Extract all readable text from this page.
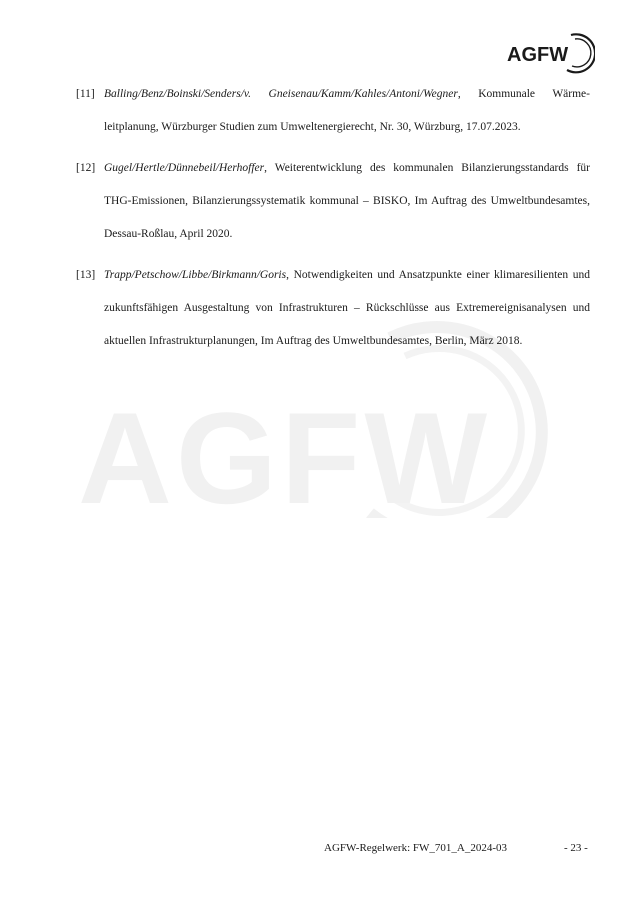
AGFW
AGFW
[11] Balling/Benz/Boinski/Senders/v. Gneisenau/Kamm/Kahles/Antoni/Wegner, Kommunale Wärmeleitplanung, Würzburger Studien zum Umweltenergierecht, Nr. 30, Würzburg, 17.07.2023.
[12] Gugel/Hertle/Dünnebeil/Herhoffer, Weiterentwicklung des kommunalen Bilanzierungsstandards für THG-Emissionen, Bilanzierungssystematik kommunal – BISKO, Im Auftrag des Umweltbundesamtes, Dessau-Roßlau, April 2020.
[13] Trapp/Petschow/Libbe/Birkmann/Goris, Notwendigkeiten und Ansatzpunkte einer klimaresilienten und zukunftsfähigen Ausgestaltung von Infrastrukturen – Rückschlüsse aus Extremereignisanalysen und aktuellen Infrastrukturplanungen, Im Auftrag des Umweltbundesamtes, Berlin, März 2018.
AGFW-Regelwerk: FW_701_A_2024-03	- 23 -
